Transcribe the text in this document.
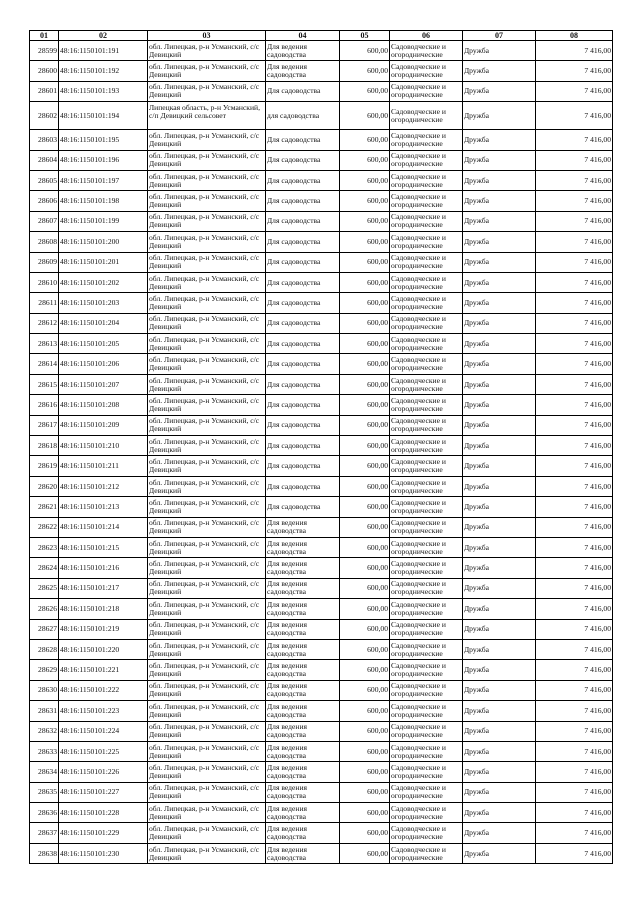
01	02	03	04	05	06	07	08
28599	48:16:1150101:191	обл. Липецкая, р-н Усманский, с/с Девицкий	Для ведения садоводства	600,00	Садоводческие и огороднические	Дружба	7 416,00
28600	48:16:1150101:192	обл. Липецкая, р-н Усманский, с/с Девицкий	Для ведения садоводства	600,00	Садоводческие и огороднические	Дружба	7 416,00
28601	48:16:1150101:193	обл. Липецкая, р-н Усманский, с/с Девицкий	Для садоводства	600,00	Садоводческие и огороднические	Дружба	7 416,00
28602	48:16:1150101:194	Липецкая область, р-н Усманский, с/п Девицкий сельсовет	для садоводства	600,00	Садоводческие и огороднические	Дружба	7 416,00
28603	48:16:1150101:195	обл. Липецкая, р-н Усманский, с/с Девицкий	Для садоводства	600,00	Садоводческие и огороднические	Дружба	7 416,00
28604	48:16:1150101:196	обл. Липецкая, р-н Усманский, с/с Девицкий	Для садоводства	600,00	Садоводческие и огороднические	Дружба	7 416,00
28605	48:16:1150101:197	обл. Липецкая, р-н Усманский, с/с Девицкий	Для садоводства	600,00	Садоводческие и огороднические	Дружба	7 416,00
28606	48:16:1150101:198	обл. Липецкая, р-н Усманский, с/с Девицкий	Для садоводства	600,00	Садоводческие и огороднические	Дружба	7 416,00
28607	48:16:1150101:199	обл. Липецкая, р-н Усманский, с/с Девицкий	Для садоводства	600,00	Садоводческие и огороднические	Дружба	7 416,00
28608	48:16:1150101:200	обл. Липецкая, р-н Усманский, с/с Девицкий	Для садоводства	600,00	Садоводческие и огороднические	Дружба	7 416,00
28609	48:16:1150101:201	обл. Липецкая, р-н Усманский, с/с Девицкий	Для садоводства	600,00	Садоводческие и огороднические	Дружба	7 416,00
28610	48:16:1150101:202	обл. Липецкая, р-н Усманский, с/с Девицкий	Для садоводства	600,00	Садоводческие и огороднические	Дружба	7 416,00
28611	48:16:1150101:203	обл. Липецкая, р-н Усманский, с/с Девицкий	Для садоводства	600,00	Садоводческие и огороднические	Дружба	7 416,00
28612	48:16:1150101:204	обл. Липецкая, р-н Усманский, с/с Девицкий	Для садоводства	600,00	Садоводческие и огороднические	Дружба	7 416,00
28613	48:16:1150101:205	обл. Липецкая, р-н Усманский, с/с Девицкий	Для садоводства	600,00	Садоводческие и огороднические	Дружба	7 416,00
28614	48:16:1150101:206	обл. Липецкая, р-н Усманский, с/с Девицкий	Для садоводства	600,00	Садоводческие и огороднические	Дружба	7 416,00
28615	48:16:1150101:207	обл. Липецкая, р-н Усманский, с/с Девицкий	Для садоводства	600,00	Садоводческие и огороднические	Дружба	7 416,00
28616	48:16:1150101:208	обл. Липецкая, р-н Усманский, с/с Девицкий	Для садоводства	600,00	Садоводческие и огороднические	Дружба	7 416,00
28617	48:16:1150101:209	обл. Липецкая, р-н Усманский, с/с Девицкий	Для садоводства	600,00	Садоводческие и огороднические	Дружба	7 416,00
28618	48:16:1150101:210	обл. Липецкая, р-н Усманский, с/с Девицкий	Для садоводства	600,00	Садоводческие и огороднические	Дружба	7 416,00
28619	48:16:1150101:211	обл. Липецкая, р-н Усманский, с/с Девицкий	Для садоводства	600,00	Садоводческие и огороднические	Дружба	7 416,00
28620	48:16:1150101:212	обл. Липецкая, р-н Усманский, с/с Девицкий	Для садоводства	600,00	Садоводческие и огороднические	Дружба	7 416,00
28621	48:16:1150101:213	обл. Липецкая, р-н Усманский, с/с Девицкий	Для садоводства	600,00	Садоводческие и огороднические	Дружба	7 416,00
28622	48:16:1150101:214	обл. Липецкая, р-н Усманский, с/с Девицкий	Для ведения садоводства	600,00	Садоводческие и огороднические	Дружба	7 416,00
28623	48:16:1150101:215	обл. Липецкая, р-н Усманский, с/с Девицкий	Для ведения садоводства	600,00	Садоводческие и огороднические	Дружба	7 416,00
28624	48:16:1150101:216	обл. Липецкая, р-н Усманский, с/с Девицкий	Для ведения садоводства	600,00	Садоводческие и огороднические	Дружба	7 416,00
28625	48:16:1150101:217	обл. Липецкая, р-н Усманский, с/с Девицкий	Для ведения садоводства	600,00	Садоводческие и огороднические	Дружба	7 416,00
28626	48:16:1150101:218	обл. Липецкая, р-н Усманский, с/с Девицкий	Для ведения садоводства	600,00	Садоводческие и огороднические	Дружба	7 416,00
28627	48:16:1150101:219	обл. Липецкая, р-н Усманский, с/с Девицкий	Для ведения садоводства	600,00	Садоводческие и огороднические	Дружба	7 416,00
28628	48:16:1150101:220	обл. Липецкая, р-н Усманский, с/с Девицкий	Для ведения садоводства	600,00	Садоводческие и огороднические	Дружба	7 416,00
28629	48:16:1150101:221	обл. Липецкая, р-н Усманский, с/с Девицкий	Для ведения садоводства	600,00	Садоводческие и огороднические	Дружба	7 416,00
28630	48:16:1150101:222	обл. Липецкая, р-н Усманский, с/с Девицкий	Для ведения садоводства	600,00	Садоводческие и огороднические	Дружба	7 416,00
28631	48:16:1150101:223	обл. Липецкая, р-н Усманский, с/с Девицкий	Для ведения садоводства	600,00	Садоводческие и огороднические	Дружба	7 416,00
28632	48:16:1150101:224	обл. Липецкая, р-н Усманский, с/с Девицкий	Для ведения садоводства	600,00	Садоводческие и огороднические	Дружба	7 416,00
28633	48:16:1150101:225	обл. Липецкая, р-н Усманский, с/с Девицкий	Для ведения садоводства	600,00	Садоводческие и огороднические	Дружба	7 416,00
28634	48:16:1150101:226	обл. Липецкая, р-н Усманский, с/с Девицкий	Для ведения садоводства	600,00	Садоводческие и огороднические	Дружба	7 416,00
28635	48:16:1150101:227	обл. Липецкая, р-н Усманский, с/с Девицкий	Для ведения садоводства	600,00	Садоводческие и огороднические	Дружба	7 416,00
28636	48:16:1150101:228	обл. Липецкая, р-н Усманский, с/с Девицкий	Для ведения садоводства	600,00	Садоводческие и огороднические	Дружба	7 416,00
28637	48:16:1150101:229	обл. Липецкая, р-н Усманский, с/с Девицкий	Для ведения садоводства	600,00	Садоводческие и огороднические	Дружба	7 416,00
28638	48:16:1150101:230	обл. Липецкая, р-н Усманский, с/с Девицкий	Для ведения садоводства	600,00	Садоводческие и огороднические	Дружба	7 416,00
